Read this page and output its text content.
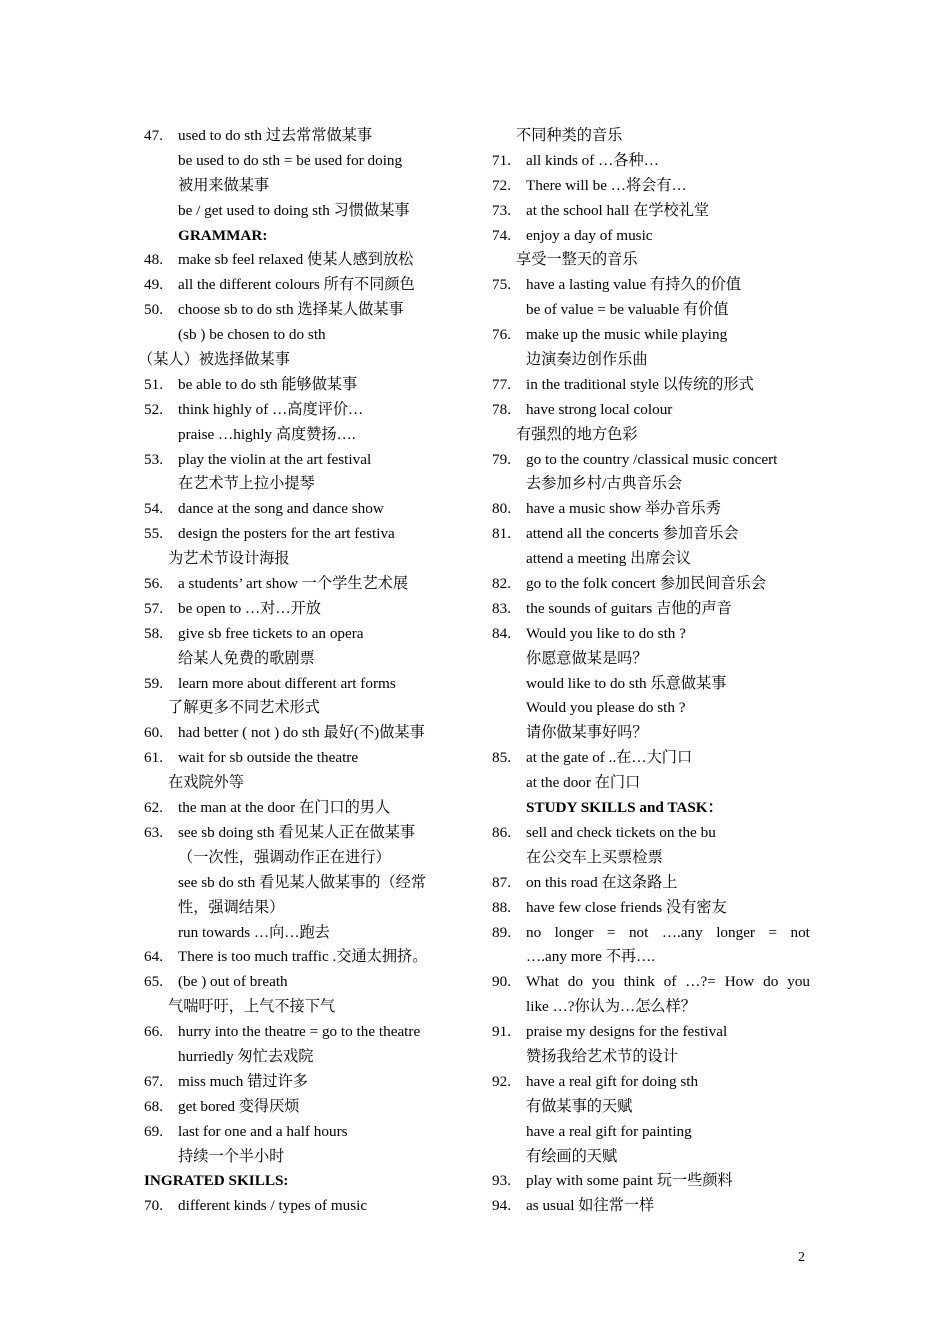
47. used to do sth 过去常常做某事
be used to do sth = be used for doing
被用来做某事
be / get used to doing sth 习惯做某事
GRAMMAR:
48. make sb feel relaxed 使某人感到放松
49. all the different colours 所有不同颜色
50. choose sb to do sth 选择某人做某事
(sb ) be chosen to do sth
（某人）被选择做某事
51. be able to do sth 能够做某事
52. think highly of …高度评价…
praise …highly 高度赞扬….
53. play the violin at the art festival
在艺术节上拉小提琴
54. dance at the song and dance show
55. design the posters for the art festiva
为艺术节设计海报
56. a students’ art show 一个学生艺术展
57. be open to …对…开放
58. give sb free tickets to an opera
给某人免费的歌剧票
59. learn more about different art forms
了解更多不同艺术形式
60. had better ( not ) do sth 最好(不)做某事
61. wait for sb outside the theatre
在戏院外等
62. the man at the door 在门口的男人
63. see sb doing sth 看见某人正在做某事
（一次性，强调动作正在进行）
see sb do sth 看见某人做某事的（经常
性，强调结果）
run towards …向…跑去
64. There is too much traffic .交通太拥挤。
65. (be ) out of breath
气喘吁吁，上气不接下气
66. hurry into the theatre = go to the theatre
hurriedly 匆忙去戏院
67. miss much 错过许多
68. get bored 变得厌烦
69. last for one and a half hours
持续一个半小时
INGRATED SKILLS:
70. different kinds / types of music
不同种类的音乐
71. all kinds of …各种…
72. There will be …将会有…
73. at the school hall 在学校礼堂
74. enjoy a day of music
享受一整天的音乐
75. have a lasting value 有持久的价值
be of value = be valuable 有价值
76. make up the music while playing
边演奏边创作乐曲
77. in the traditional style 以传统的形式
78. have strong local colour
有强烈的地方色彩
79. go to the country /classical music concert
去参加乡村/古典音乐会
80. have a music show 举办音乐秀
81. attend all the concerts 参加音乐会
attend a meeting 出席会议
82. go to the folk concert 参加民间音乐会
83. the sounds of guitars 吉他的声音
84. Would you like to do sth ?
你愿意做某是吗？
would like to do sth 乐意做某事
Would you please do sth ?
请你做某事好吗？
85. at the gate of ..在…大门口
at the door 在门口
STUDY SKILLS and TASK：
86. sell and check tickets on the bu
在公交车上买票检票
87. on this road 在这条路上
88. have few close friends 没有密友
89. no longer = not ….any longer = not
….any more 不再….
90. What do you think of …?= How do you
like …?你认为…怎么样？
91. praise my designs for the festival
赞扬我给艺术节的设计
92. have a real gift for doing sth
有做某事的天赋
have a real gift for painting
有绘画的天赋
93. play with some paint 玩一些颜料
94. as usual 如往常一样
2
